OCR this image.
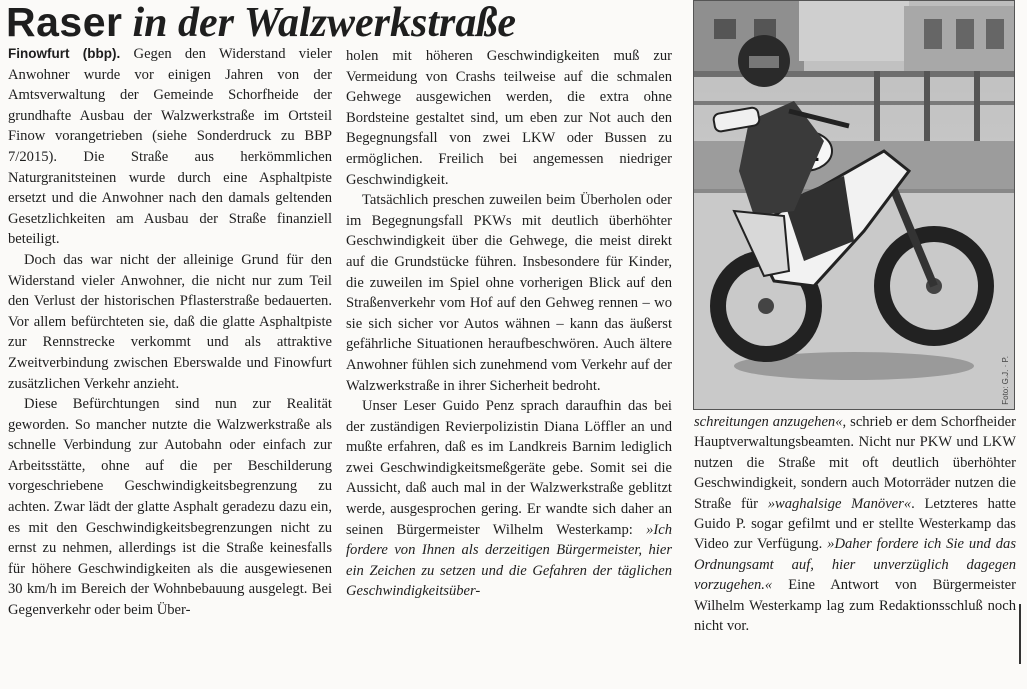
Raser in der Walzwerkstraße

Finowfurt (bbp). Gegen den Widerstand vieler Anwohner wurde vor einigen Jahren von der Amtsverwaltung der Gemeinde Schorfheide der grundhafte Ausbau der Walzwerkstraße im Ortsteil Finow vorangetrieben (siehe Sonderdruck zu BBP 7/2015). Die Straße aus herkömmlichen Naturgranitsteinen wurde durch eine Asphaltpiste ersetzt und die Anwohner nach den damals geltenden Gesetzlichkeiten am Ausbau der Straße finanziell beteiligt.

Doch das war nicht der alleinige Grund für den Widerstand vieler Anwohner, die nicht nur zum Teil den Verlust der historischen Pflasterstraße bedauerten. Vor allem befürchteten sie, daß die glatte Asphaltpiste zur Rennstrecke verkommt und als attraktive Zweitverbindung zwischen Eberswalde und Finowfurt zusätzlichen Verkehr anzieht.

Diese Befürchtungen sind nun zur Realität geworden. So mancher nutzte die Walzwerkstraße als schnelle Verbindung zur Autobahn oder einfach zur Arbeitsstätte, ohne auf die per Beschilderung vorgeschriebene Geschwindigkeitsbegrenzung zu achten. Zwar lädt der glatte Asphalt geradezu dazu ein, es mit den Geschwindigkeitsbegrenzungen nicht zu ernst zu nehmen, allerdings ist die Straße keinesfalls für höhere Geschwindigkeiten als die ausgewiesenen 30 km/h im Bereich der Wohnbebauung ausgelegt. Bei Gegenverkehr oder beim Über-

holen mit höheren Geschwindigkeiten muß zur Vermeidung von Crashs teilweise auf die schmalen Gehwege ausgewichen werden, die extra ohne Bordsteine gestaltet sind, um eben zur Not auch den Begegnungsfall von zwei LKW oder Bussen zu ermöglichen. Freilich bei angemessen niedriger Geschwindigkeit.

Tatsächlich preschen zuweilen beim Überholen oder im Begegnungsfall PKWs mit deutlich überhöhter Geschwindigkeit über die Gehwege, die meist direkt auf die Grundstücke führen. Insbesondere für Kinder, die zuweilen im Spiel ohne vorherigen Blick auf den Straßenverkehr vom Hof auf den Gehweg rennen – wo sie sich sicher vor Autos wähnen – kann das äußerst gefährliche Situationen heraufbeschwören. Auch ältere Anwohner fühlen sich zunehmend vom Verkehr auf der Walzwerkstraße in ihrer Sicherheit bedroht.

Unser Leser Guido Penz sprach daraufhin das bei der zuständigen Revierpolizistin Diana Löffler an und mußte erfahren, daß es im Landkreis Barnim lediglich zwei Geschwindigkeitsmeßgeräte gebe. Somit sei die Aussicht, daß auch mal in der Walzwerkstraße geblitzt werde, ausgesprochen gering. Er wandte sich daher an seinen Bürgermeister Wilhelm Westerkamp: »Ich fordere von Ihnen als derzeitigen Bürgermeister, hier ein Zeichen zu setzen und die Gefahren der täglichen Geschwindigkeitsüber-

Foto: G.J. · P.

schreitungen anzugehen«, schrieb er dem Schorfheider Hauptverwaltungsbeamten. Nicht nur PKW und LKW nutzen die Straße mit oft deutlich überhöhter Geschwindigkeit, sondern auch Motorräder nutzen die Straße für »waghalsige Manöver«. Letzteres hatte Guido P. sogar gefilmt und er stellte Westerkamp das Video zur Verfügung. »Daher fordere ich Sie und das Ordnungsamt auf, hier unverzüglich dagegen vorzugehen.« Eine Antwort von Bürgermeister Wilhelm Westerkamp lag zum Redaktionsschluß noch nicht vor.
